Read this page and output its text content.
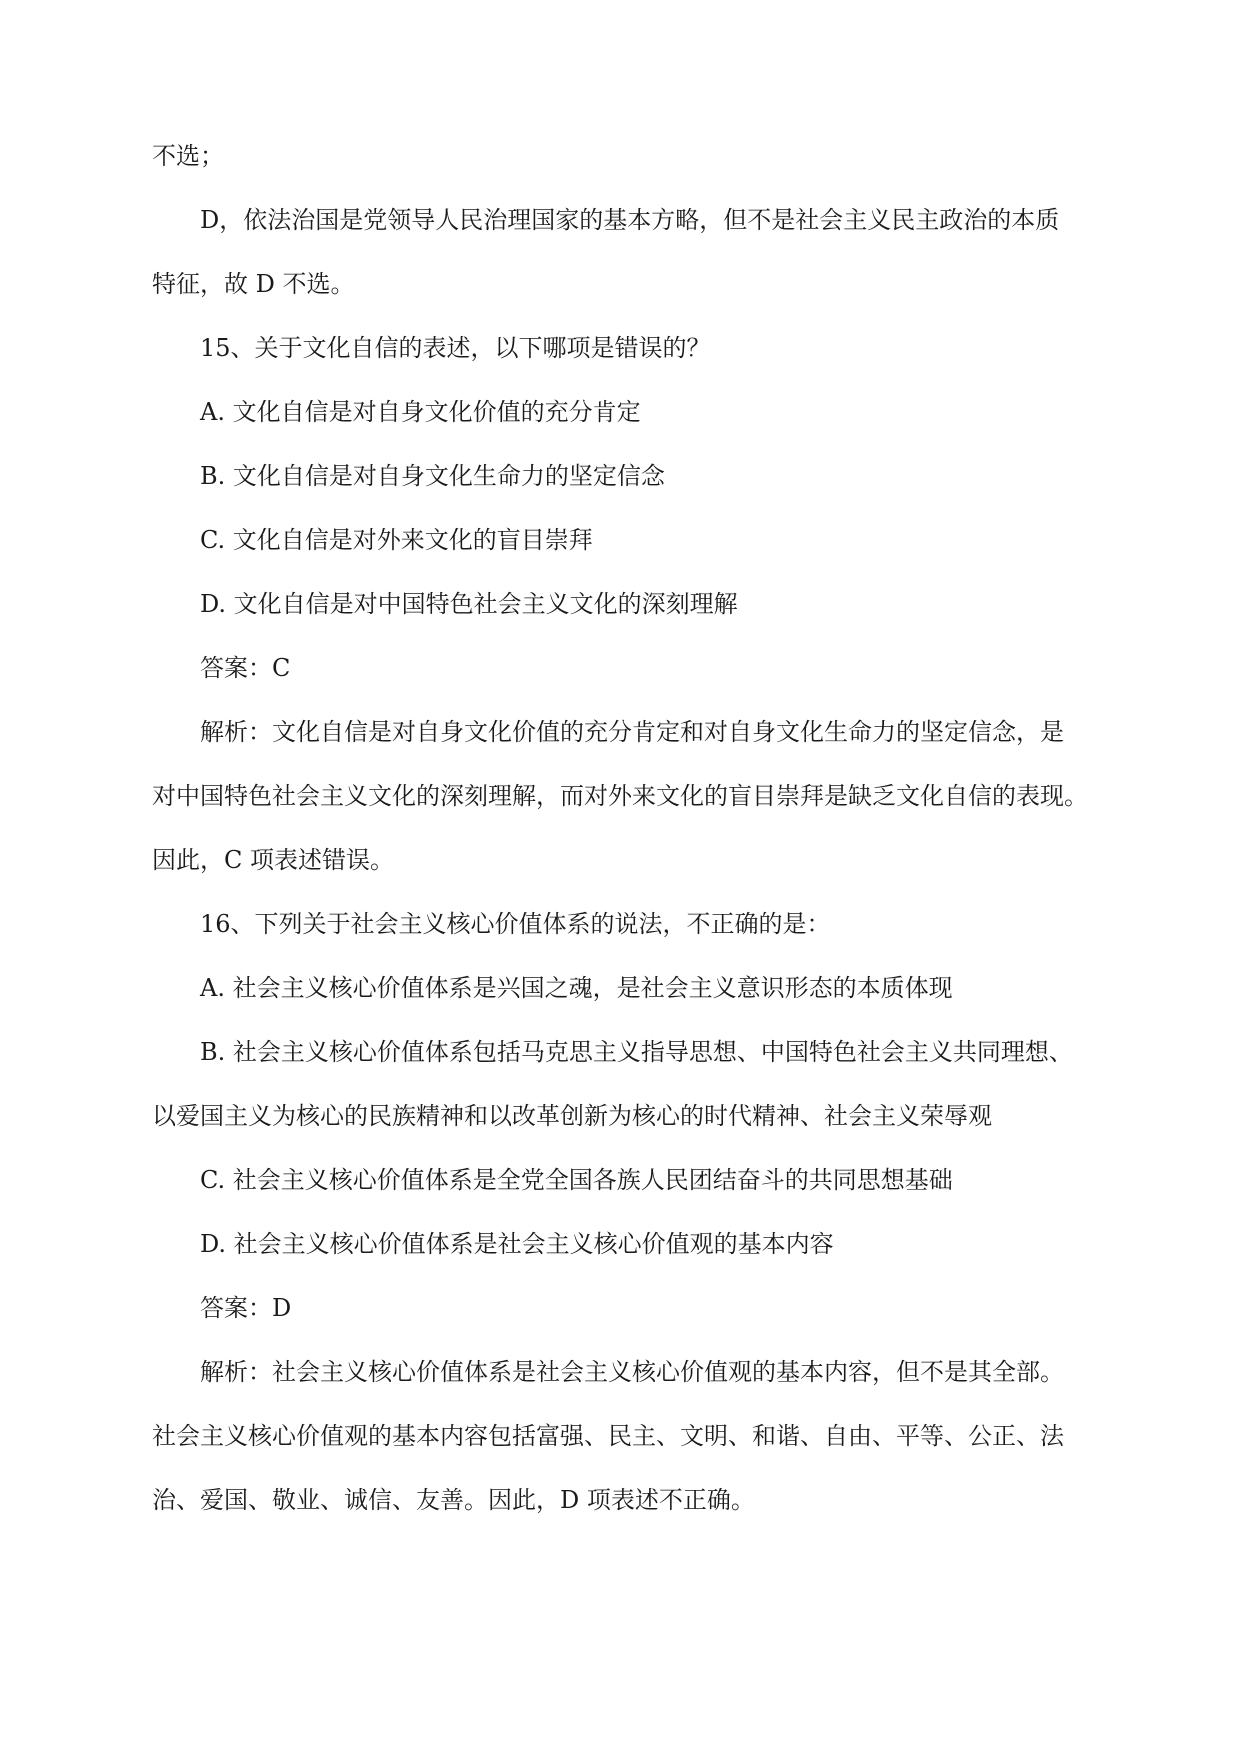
不选；

D，依法治国是党领导人民治理国家的基本方略，但不是社会主义民主政治的本质

特征，故 D 不选。

15、关于文化自信的表述，以下哪项是错误的？

A. 文化自信是对自身文化价值的充分肯定

B. 文化自信是对自身文化生命力的坚定信念

C. 文化自信是对外来文化的盲目崇拜

D. 文化自信是对中国特色社会主义文化的深刻理解

答案：C

解析：文化自信是对自身文化价值的充分肯定和对自身文化生命力的坚定信念，是

对中国特色社会主义文化的深刻理解，而对外来文化的盲目崇拜是缺乏文化自信的表现。

因此，C 项表述错误。

16、下列关于社会主义核心价值体系的说法，不正确的是：

A. 社会主义核心价值体系是兴国之魂，是社会主义意识形态的本质体现

B. 社会主义核心价值体系包括马克思主义指导思想、中国特色社会主义共同理想、

以爱国主义为核心的民族精神和以改革创新为核心的时代精神、社会主义荣辱观

C. 社会主义核心价值体系是全党全国各族人民团结奋斗的共同思想基础

D. 社会主义核心价值体系是社会主义核心价值观的基本内容

答案：D

解析：社会主义核心价值体系是社会主义核心价值观的基本内容，但不是其全部。

社会主义核心价值观的基本内容包括富强、民主、文明、和谐、自由、平等、公正、法

治、爱国、敬业、诚信、友善。因此，D 项表述不正确。
